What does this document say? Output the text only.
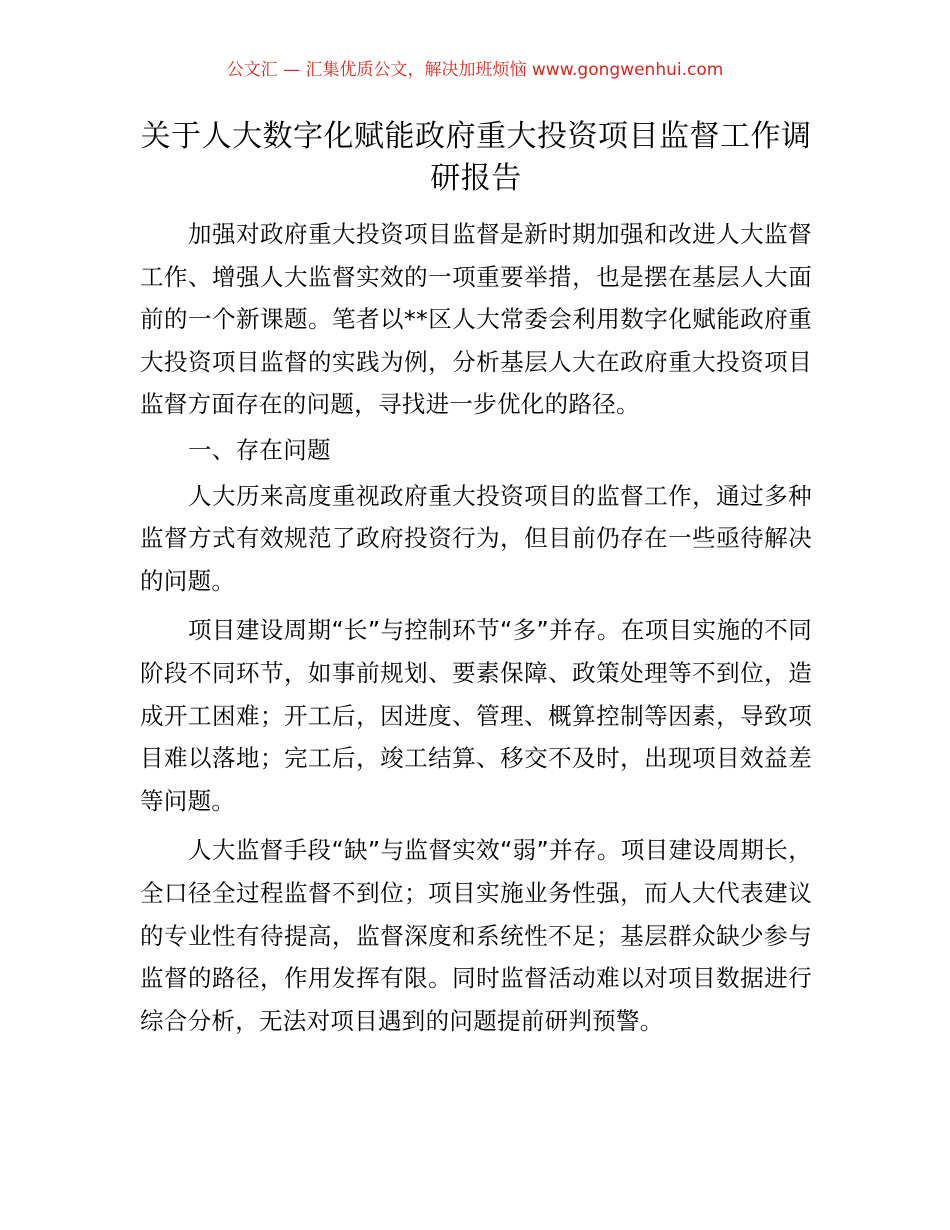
公文汇 — 汇集优质公文，解决加班烦恼 www.gongwenhui.com
关于人大数字化赋能政府重大投资项目监督工作调研报告

加强对政府重大投资项目监督是新时期加强和改进人大监督工作、增强人大监督实效的一项重要举措，也是摆在基层人大面前的一个新课题。笔者以**区人大常委会利用数字化赋能政府重大投资项目监督的实践为例，分析基层人大在政府重大投资项目监督方面存在的问题，寻找进一步优化的路径。

一、存在问题

人大历来高度重视政府重大投资项目的监督工作，通过多种监督方式有效规范了政府投资行为，但目前仍存在一些亟待解决的问题。

项目建设周期“长”与控制环节“多”并存。在项目实施的不同阶段不同环节，如事前规划、要素保障、政策处理等不到位，造成开工困难；开工后，因进度、管理、概算控制等因素，导致项目难以落地；完工后，竣工结算、移交不及时，出现项目效益差等问题。

人大监督手段“缺”与监督实效“弱”并存。项目建设周期长，全口径全过程监督不到位；项目实施业务性强，而人大代表建议的专业性有待提高，监督深度和系统性不足；基层群众缺少参与监督的路径，作用发挥有限。同时监督活动难以对项目数据进行综合分析，无法对项目遇到的问题提前研判预警。
